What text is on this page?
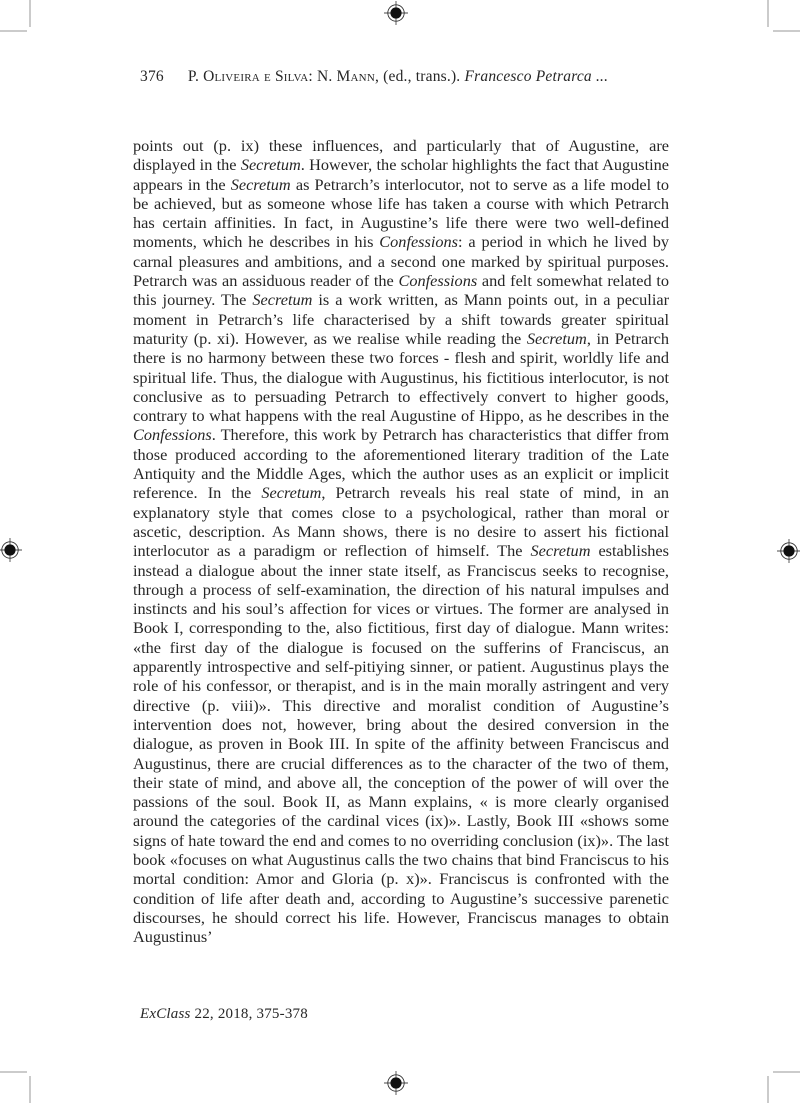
376 P. Oliveira e Silva: N. Mann, (ed., trans.). Francesco Petrarca ...
points out (p. ix) these influences, and particularly that of Augustine, are displayed in the Secretum. However, the scholar highlights the fact that Augustine appears in the Secretum as Petrarch’s interlocutor, not to serve as a life model to be achieved, but as someone whose life has taken a course with which Petrarch has certain affinities. In fact, in Augustine’s life there were two well-defined moments, which he describes in his Confessions: a period in which he lived by carnal pleasures and ambitions, and a second one marked by spiritual purposes. Petrarch was an assiduous reader of the Confessions and felt somewhat related to this journey. The Secretum is a work written, as Mann points out, in a peculiar moment in Petrarch’s life characterised by a shift towards greater spiritual maturity (p. xi). However, as we realise while reading the Secretum, in Petrarch there is no harmony between these two forces - flesh and spirit, worldly life and spiritual life. Thus, the dialogue with Augustinus, his fictitious interlocutor, is not conclusive as to persuading Petrarch to effectively convert to higher goods, contrary to what happens with the real Augustine of Hippo, as he describes in the Confessions. Therefore, this work by Petrarch has characteristics that differ from those produced according to the aforementioned literary tradition of the Late Antiquity and the Middle Ages, which the author uses as an explicit or implicit reference. In the Secretum, Petrarch reveals his real state of mind, in an explanatory style that comes close to a psychological, rather than moral or ascetic, description. As Mann shows, there is no desire to assert his fictional interlocutor as a paradigm or reflection of himself. The Secretum establishes instead a dialogue about the inner state itself, as Franciscus seeks to recognise, through a process of self-examination, the direction of his natural impulses and instincts and his soul’s affection for vices or virtues. The former are analysed in Book I, corresponding to the, also fictitious, first day of dialogue. Mann writes: «the first day of the dialogue is focused on the sufferins of Franciscus, an apparently introspective and self-pitiying sinner, or patient. Augustinus plays the role of his confessor, or therapist, and is in the main morally astringent and very directive (p. viii)». This directive and moralist condition of Augustine’s intervention does not, however, bring about the desired conversion in the dialogue, as proven in Book III. In spite of the affinity between Franciscus and Augustinus, there are crucial differences as to the character of the two of them, their state of mind, and above all, the conception of the power of will over the passions of the soul. Book II, as Mann explains, « is more clearly organised around the categories of the cardinal vices (ix)». Lastly, Book III «shows some signs of hate toward the end and comes to no overriding conclusion (ix)». The last book «focuses on what Augustinus calls the two chains that bind Franciscus to his mortal condition: Amor and Gloria (p. x)». Franciscus is confronted with the condition of life after death and, according to Augustine’s successive parenetic discourses, he should correct his life. However, Franciscus manages to obtain Augustinus’
ExClass 22, 2018, 375-378
